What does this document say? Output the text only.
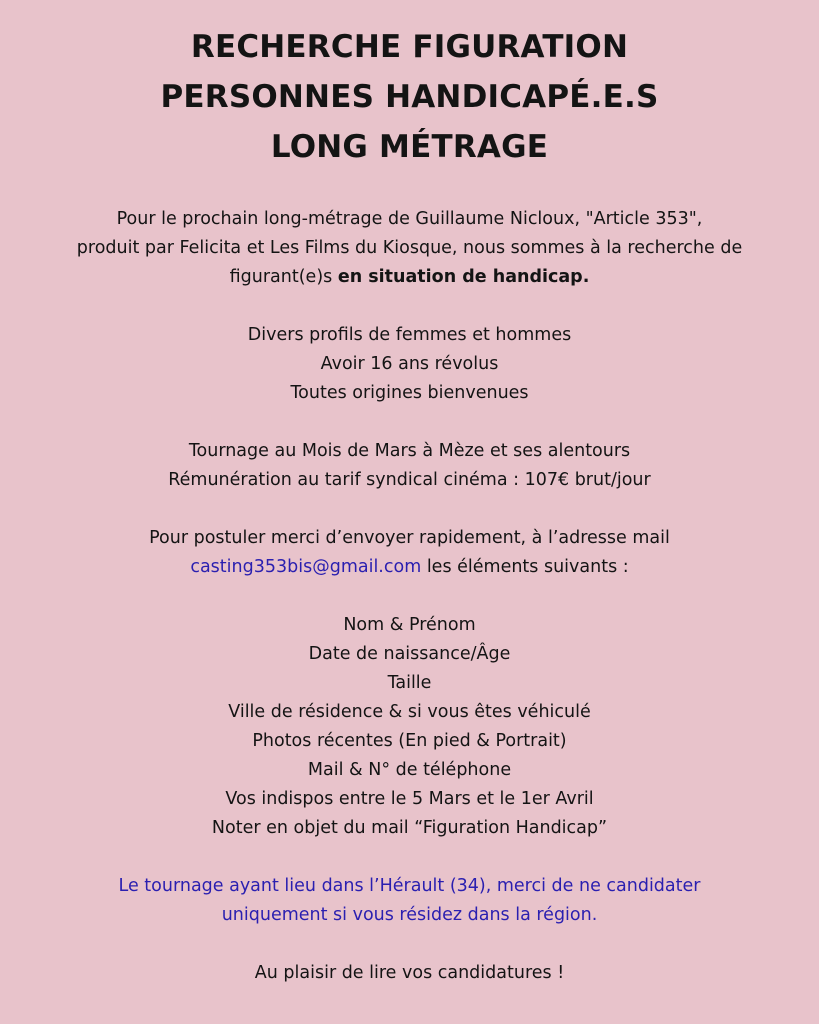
RECHERCHE FIGURATION
PERSONNES HANDICAPÉ.E.S
LONG MÉTRAGE

Pour le prochain long-métrage de Guillaume Nicloux, "Article 353",
produit par Felicita et Les Films du Kiosque, nous sommes à la recherche de
figurant(e)s en situation de handicap.

Divers profils de femmes et hommes
Avoir 16 ans révolus
Toutes origines bienvenues

Tournage au Mois de Mars à Mèze et ses alentours
Rémunération au tarif syndical cinéma : 107€ brut/jour

Pour postuler merci d’envoyer rapidement, à l’adresse mail
casting353bis@gmail.com les éléments suivants :

Nom & Prénom
Date de naissance/Âge
Taille
Ville de résidence & si vous êtes véhiculé
Photos récentes (En pied & Portrait)
Mail & N° de téléphone
Vos indispos entre le 5 Mars et le 1er Avril
Noter en objet du mail “Figuration Handicap”

Le tournage ayant lieu dans l’Hérault (34), merci de ne candidater
uniquement si vous résidez dans la région.

Au plaisir de lire vos candidatures !
